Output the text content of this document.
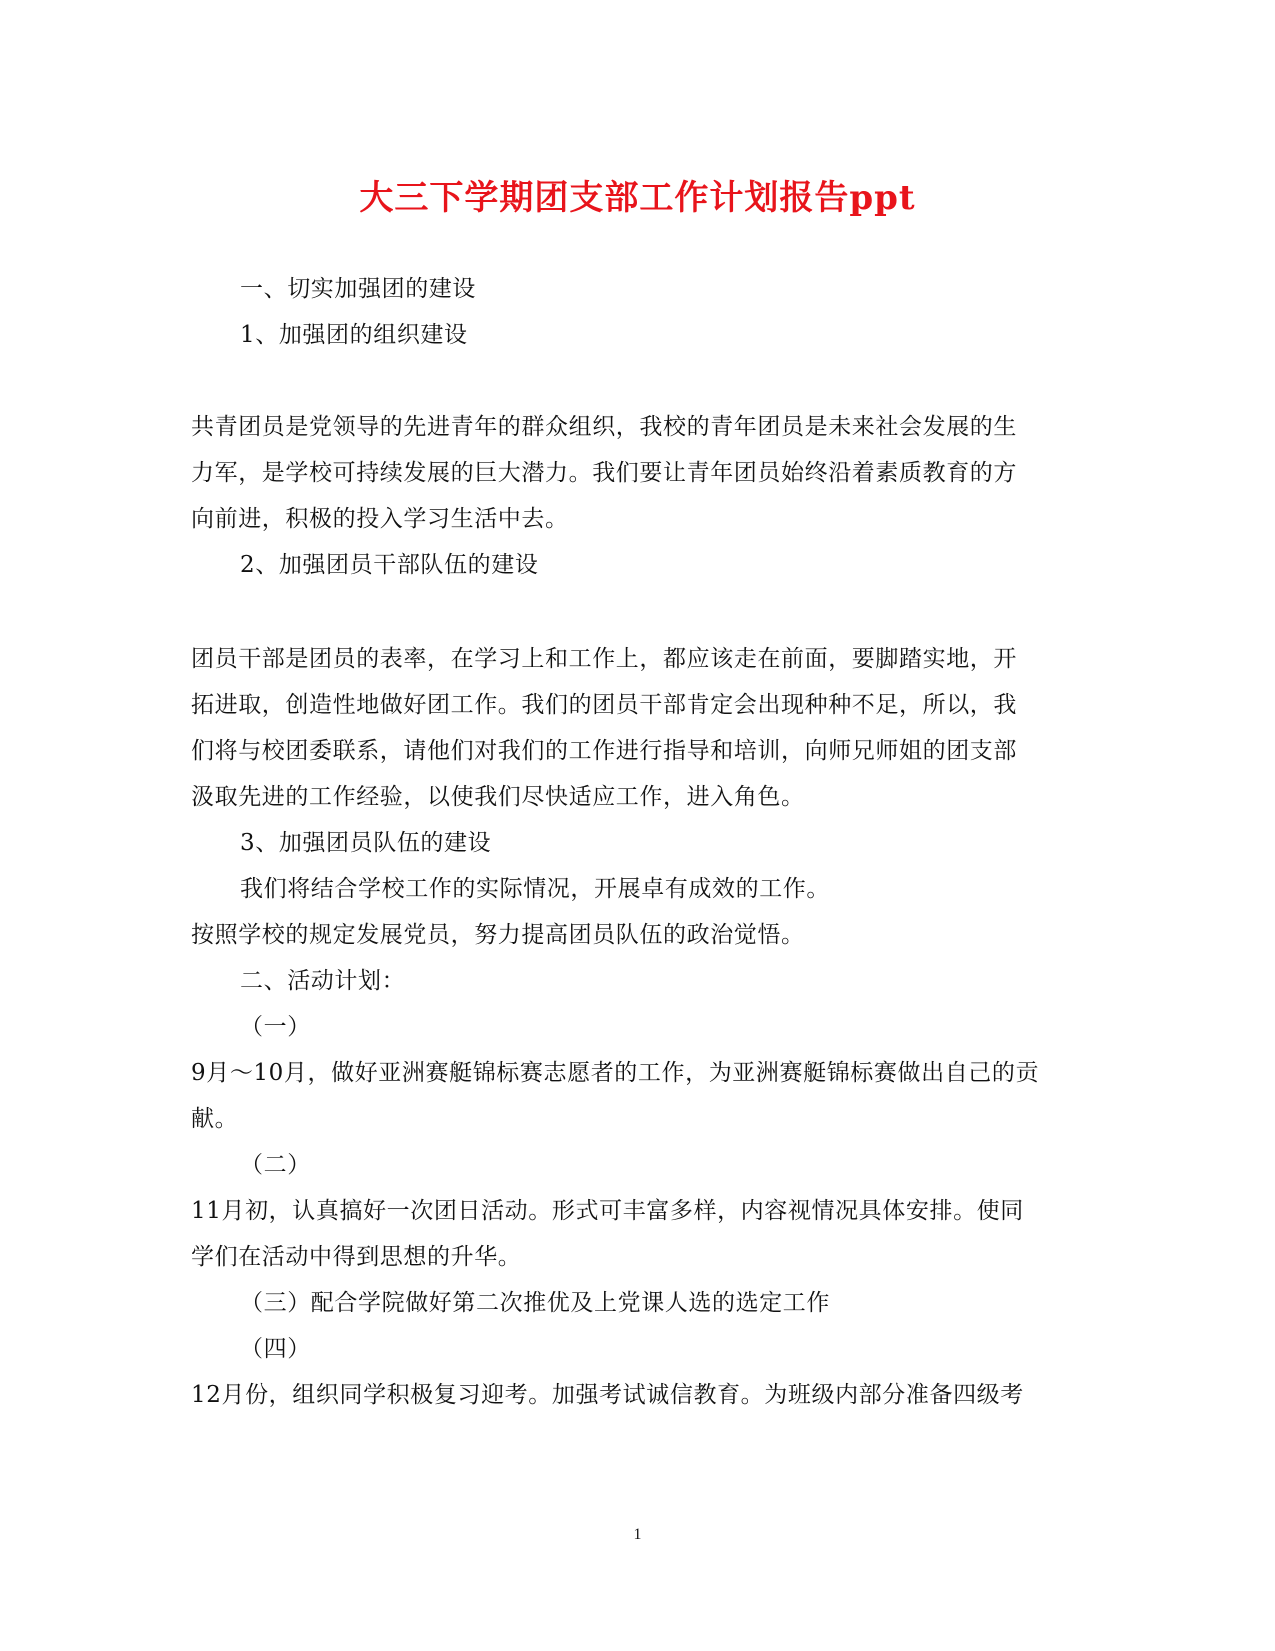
大三下学期团支部工作计划报告ppt
一、切实加强团的建设
1、加强团的组织建设
共青团员是党领导的先进青年的群众组织，我校的青年团员是未来社会发展的生
力军，是学校可持续发展的巨大潜力。我们要让青年团员始终沿着素质教育的方
向前进，积极的投入学习生活中去。
2、加强团员干部队伍的建设
团员干部是团员的表率，在学习上和工作上，都应该走在前面，要脚踏实地，开
拓进取，创造性地做好团工作。我们的团员干部肯定会出现种种不足，所以，我
们将与校团委联系，请他们对我们的工作进行指导和培训，向师兄师姐的团支部
汲取先进的工作经验，以使我们尽快适应工作，进入角色。
3、加强团员队伍的建设
我们将结合学校工作的实际情况，开展卓有成效的工作。
按照学校的规定发展党员，努力提高团员队伍的政治觉悟。
二、活动计划：
（一）
9月～10月，做好亚洲赛艇锦标赛志愿者的工作，为亚洲赛艇锦标赛做出自己的贡
献。
（二）
11月初，认真搞好一次团日活动。形式可丰富多样，内容视情况具体安排。使同
学们在活动中得到思想的升华。
（三）配合学院做好第二次推优及上党课人选的选定工作
（四）
12月份，组织同学积极复习迎考。加强考试诚信教育。为班级内部分准备四级考
1
